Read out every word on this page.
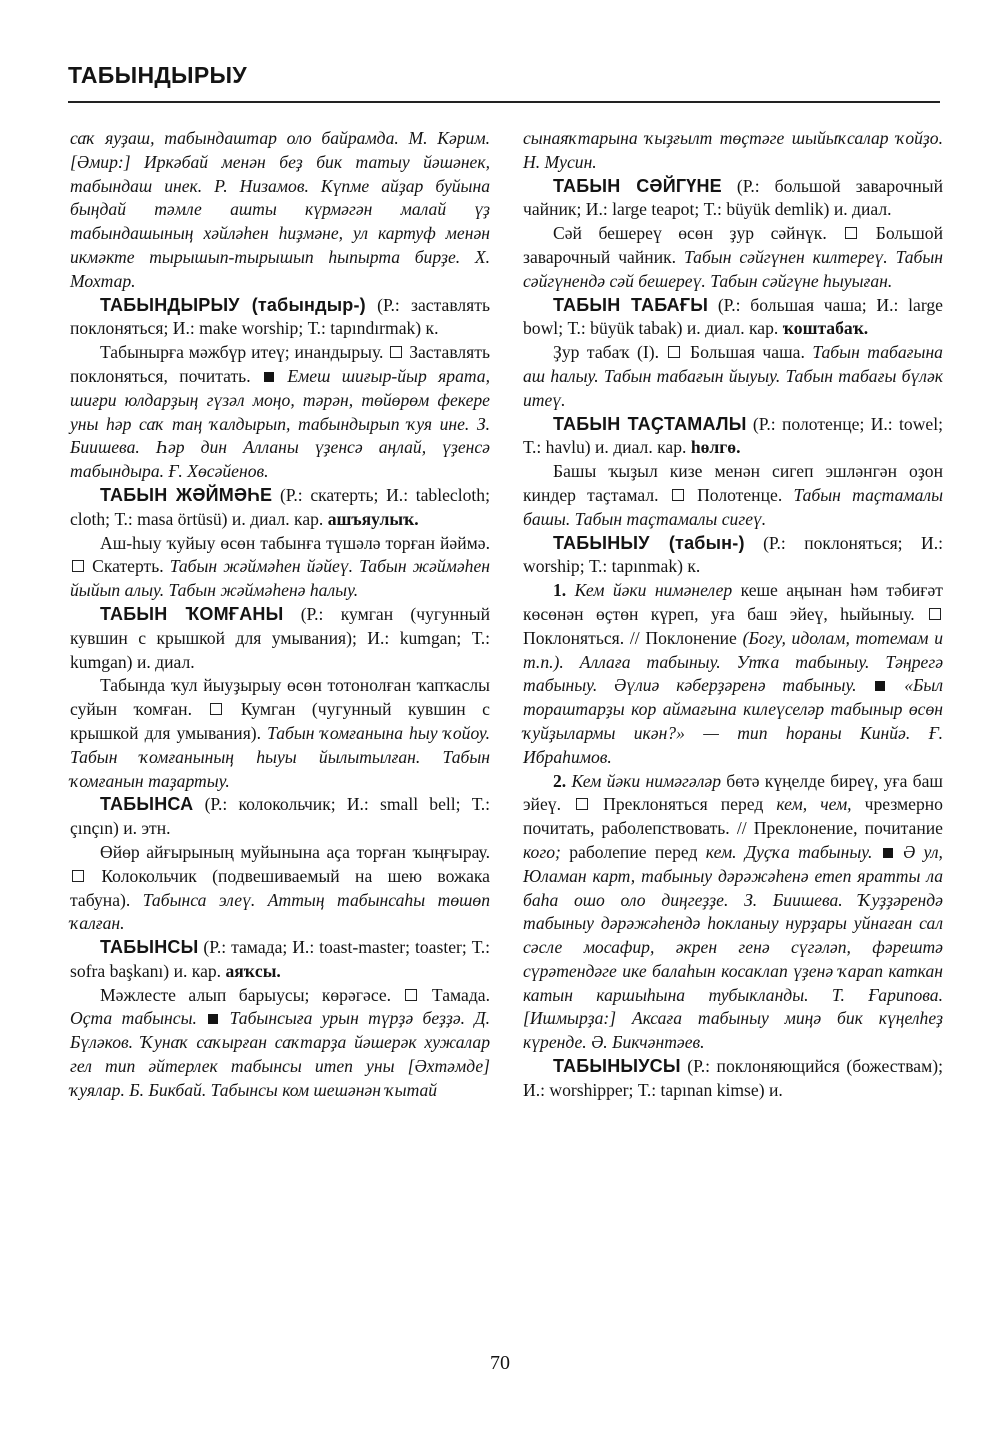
ТАБЫНДЫРЫУ

саҡ яуҙаш, табындаштар оло байрамда. М. Кәрим. [Әмир:] Иркәбай менән беҙ бик татыу йәшәнек, табындаш инек. Р. Низамов. Күпме айҙар буйына быңдай тәмле ашты күрмәгән малай үҙ табындашының хәйләһен һиҙмәне, ул картуф менән икмәкте тырышып-тырышып һыпырта бирҙе. Х. Мохтар.

ТАБЫНДЫРЫУ (табындыр-) (Р.: заставлять поклоняться; И.: make worship; Т.: tapındırmak) к.

Табынырға мәжбүр итеү; инандырыу. Заставлять поклоняться, почитать. Емеш шиғыр-йыр ярата, шиғри юлдарҙың гүзәл моңо, тәрән, төйөрөм фекере уны һәр саҡ таң ҡалдырып, табындырып ҡуя ине. З. Биишева. Һәр дин Алланы үҙенсә аңлай, үҙенсә табындыра. Ғ. Хөсәйенов.

ТАБЫН ЖӘЙМӘҺЕ (Р.: скатерть; И.: tablecloth; cloth; Т.: masa örtüsü) и. диал. кар. ашъяулыҡ.

Аш-һыу ҡуйыу өсөн табынға түшәлә торған йәймә.  Скатерть. Табын жәймәһен йәйеү. Табын жәймәһен йыйып алыу. Табын жәймәһенә һалыу.

ТАБЫН ҠОМҒАНЫ (Р.: кумган (чугунный кувшин с крышкой для умывания); И.: kumgan; Т.: kumgan) и. диал.

Табында ҡул йыуҙырыу өсөн тотонолған ҡапҡаслы суйын ҡомған.	Кумган (чугунный кувшин с крышкой для умывания). Табын ҡомғанына һыу ҡойоу. Табын ҡомғанының һыуы йылытылған. Табын ҡомғанын таҙартыу.

ТАБЫНСА (Р.: колокольчик; И.: small bell; Т.: çınçın) и. этн.

Өйөр айғырының муйынына аҫа торған ҡыңғырау.  Колокольчик (подвешиваемый на шею вожака табуна). Табынса элеү. Аттың табынсаһы төшөп ҡалған.

ТАБЫНСЫ (Р.: тамада; И.: toast-master; toaster; Т.: sofra başkanı) и. кар. аяҡсы.

Мәжлесте алып барыусы; көрәгәсе. Тамада. Оҫта табынсы. Табынсыға урын түрҙә беҙҙә. Д. Бүләков. Ҡунаҡ саҡырған саҡтарҙа йәшерәк хужалар гел тип әйтерлек табынсы итеп уны [Әхтәмде] ҡуялар. Б. Бикбай. Табынсы ком шешәнән ҡытай

сынаяҡтарына ҡыҙғылт төҫтәге шыйыҡсалар ҡойҙо. Н. Мусин.

ТАБЫН СӘЙГҮНЕ (Р.: большой заварочный чайник; И.: large teapot; Т.: büyük demlik) и. диал.

Сәй бешереү өсөн ҙур сәйнүк.	Большой заварочный чайник. Табын сәйгүнен килтереү. Табын сәйгүнендә сәй бешереү. Табын сәйгүне һыуыған.

ТАБЫН ТАБАҒЫ (Р.: большая чаша; И.: large bowl; Т.: büyük tabak) и. диал. кар. ҡоштабаҡ.

Ҙур табаҡ (I). Большая чаша. Табын табағына аш һалыу. Табын табағын йыуыу. Табын табағы бүләк итеү.

ТАБЫН ТАҪТАМАЛЫ (Р.: полотенце; И.: towel; Т.: havlu) и. диал. кар. һөлгө.

Башы ҡыҙыл кизе менән сигеп эшләнгән оҙон киндер таҫтамал. Полотенце. Табын таҫтамалы башы. Табын таҫтамалы сигеү.

ТАБЫНЫУ (табын-) (Р.: поклоняться; И.: worship; Т.: tapınmak) к.

1. Кем йәки нимәнелер кеше аңынан һәм тәбиғәт көсөнән өҫтөн күреп, уға баш эйеү, һыйыныу.  Поклоняться. // Поклонение (Богу, идолам, тотемам и т.п.). Аллаға табыныу. Утҡа табыныу. Тәңрегә табыныу. Әүлиә кәберҙәренә табыныу.	«Был тораштарҙы кор аймағына килеүселәр табыныр өсөн ҡуйҙылармы икән?» — тип һораны Кинйә. Ғ. Ибраһимов.

2. Кем йәки нимәгәләр бөтә күңелде бирeү, уға баш эйеү. Преклоняться перед кем, чем, чрезмерно почитать, раболепствовать. // Преклонение, почитание кого; раболепие перед кем. Дуҫҡа табыныу. Ә ул, Юламан карт, табыныу дәрәжәһенә етеп яратты ла баһа ошо оло диңгеҙҙе. З. Биишева. Ҡуҙҙәрендә табыныу дәрәжәһендә һокланыу нурҙары уйнаған сал сәсле мосафир, әкрен генә сүгәләп, фәрештә сүрәтендәге ике балаһын косаклап үҙенә ҡарап каткан катын каршыһына тубыкланды. Т. Ғарипова. [Ишмырҙа:] Аксаға табыныу миңә бик күңелһеҙ күренде. Ә. Бикчәнтәев.

ТАБЫНЫУСЫ (Р.: поклоняющийся (божествам); И.: worshipper; Т.: tapınan kimse) и.

70
